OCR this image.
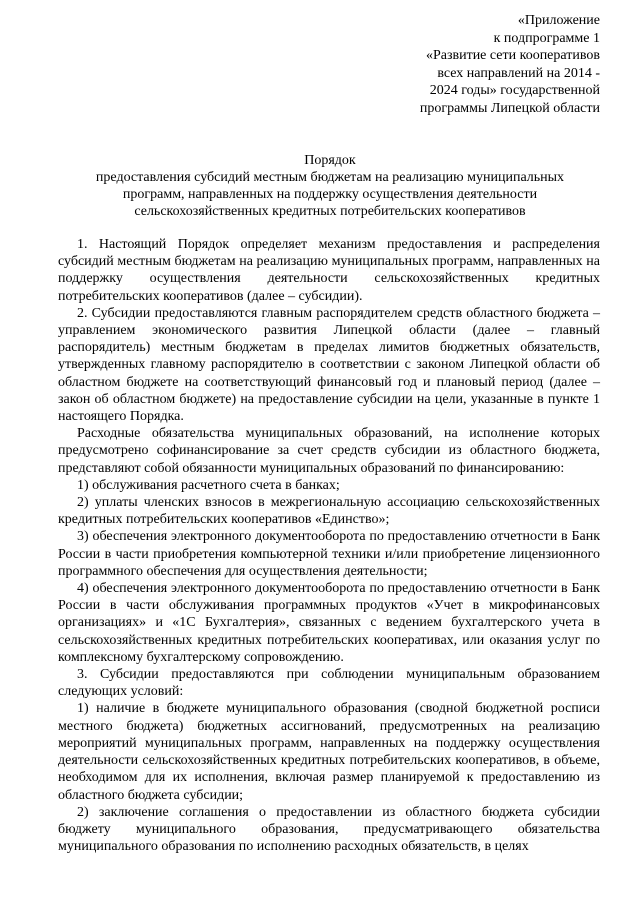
«Приложение
к подпрограмме 1
«Развитие сети кооперативов
всех направлений на 2014 -
2024 годы» государственной
программы Липецкой области
Порядок
предоставления субсидий местным бюджетам на реализацию муниципальных
программ, направленных на поддержку осуществления деятельности
сельскохозяйственных кредитных потребительских кооперативов

1. Настоящий Порядок определяет механизм предоставления и распределения субсидий местным бюджетам на реализацию муниципальных программ, направленных на поддержку осуществления деятельности сельскохозяйственных кредитных потребительских кооперативов (далее – субсидии).

2. Субсидии предоставляются главным распорядителем средств областного бюджета – управлением экономического развития Липецкой области (далее – главный распорядитель) местным бюджетам в пределах лимитов бюджетных обязательств, утвержденных главному распорядителю в соответствии с законом Липецкой области об областном бюджете на соответствующий финансовый год и плановый период (далее – закон об областном бюджете) на предоставление субсидии на цели, указанные в пункте 1 настоящего Порядка.

Расходные обязательства муниципальных образований, на исполнение которых предусмотрено софинансирование за счет средств субсидии из областного бюджета, представляют собой обязанности муниципальных образований по финансированию:

1) обслуживания расчетного счета в банках;

2) уплаты членских взносов в межрегиональную ассоциацию сельскохозяйственных кредитных потребительских кооперативов «Единство»;

3) обеспечения электронного документооборота по предоставлению отчетности в Банк России в части приобретения компьютерной техники и/или приобретение лицензионного программного обеспечения для осуществления деятельности;

4) обеспечения электронного документооборота по предоставлению отчетности в Банк России в части обслуживания программных продуктов «Учет в микрофинансовых организациях» и «1С Бухгалтерия», связанных с ведением бухгалтерского учета в сельскохозяйственных кредитных потребительских кооперативах, или оказания услуг по комплексному бухгалтерскому сопровождению.

3. Субсидии предоставляются при соблюдении муниципальным образованием следующих условий:

1) наличие в бюджете муниципального образования (сводной бюджетной росписи местного бюджета) бюджетных ассигнований, предусмотренных на реализацию мероприятий муниципальных программ, направленных на поддержку осуществления деятельности сельскохозяйственных кредитных потребительских кооперативов, в объеме, необходимом для их исполнения, включая размер планируемой к предоставлению из областного бюджета субсидии;

2) заключение соглашения о предоставлении из областного бюджета субсидии бюджету муниципального образования, предусматривающего обязательства муниципального образования по исполнению расходных обязательств, в целях
